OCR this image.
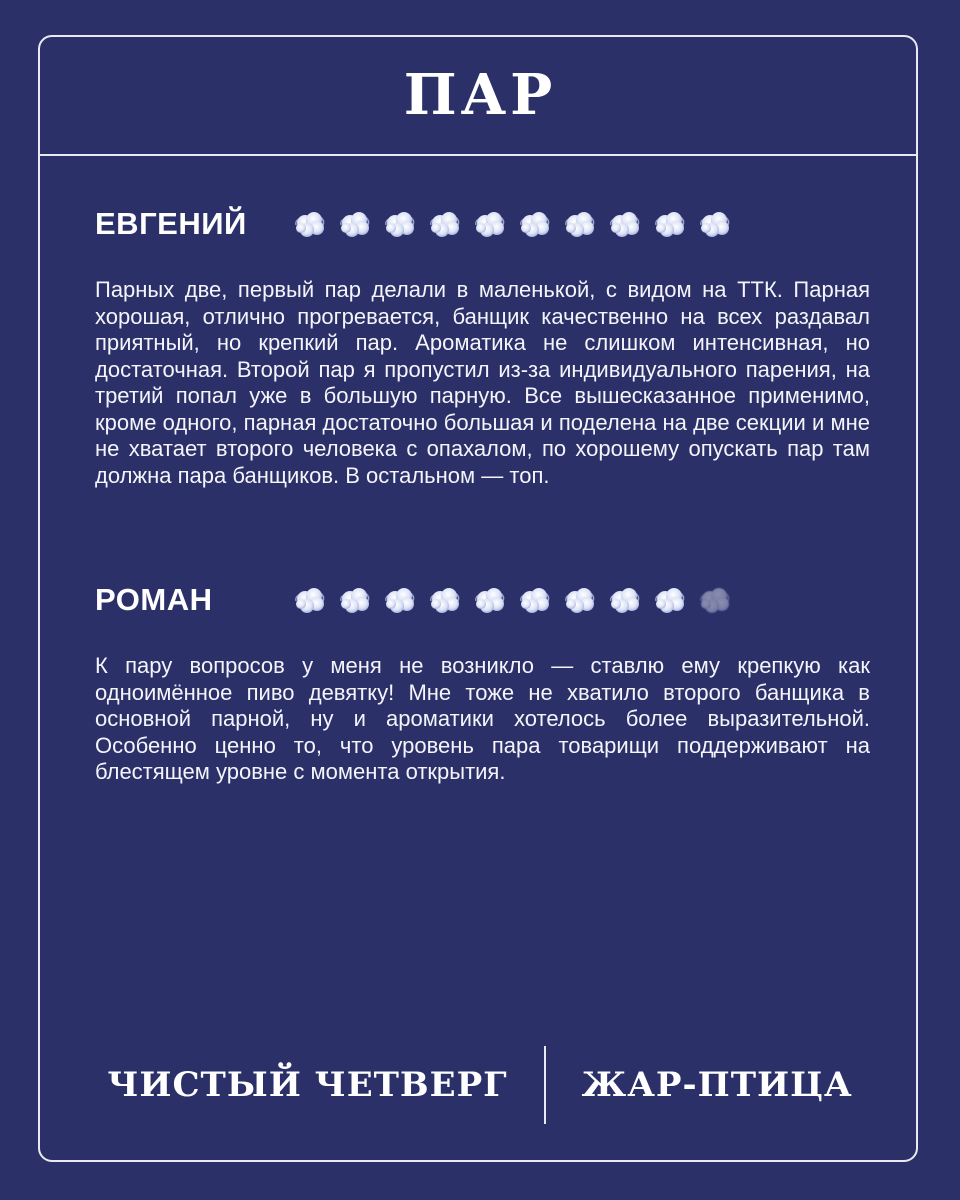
ПАР
ЕВГЕНИЙ
Парных две, первый пар делали в маленькой, с видом на ТТК. Парная хорошая, отлично прогревается, банщик качественно на всех раздавал приятный, но крепкий пар. Ароматика не слишком интенсивная, но достаточная. Второй пар я пропустил из-за индивидуального парения, на третий попал уже в большую парную. Все вышесказанное применимо, кроме одного, парная достаточно большая и поделена на две секции и мне не хватает второго человека с опахалом, по хорошему опускать пар там должна пара банщиков. В остальном — топ.
РОМАН
К пару вопросов у меня не возникло — ставлю ему крепкую как одноимённое пиво девятку! Мне тоже не хватило второго банщика в основной парной, ну и ароматики хотелось более выразительной. Особенно ценно то, что уровень пара товарищи поддерживают на блестящем уровне с момента открытия.
ЧИСТЫЙ ЧЕТВЕРГ ЖАР-ПТИЦА
